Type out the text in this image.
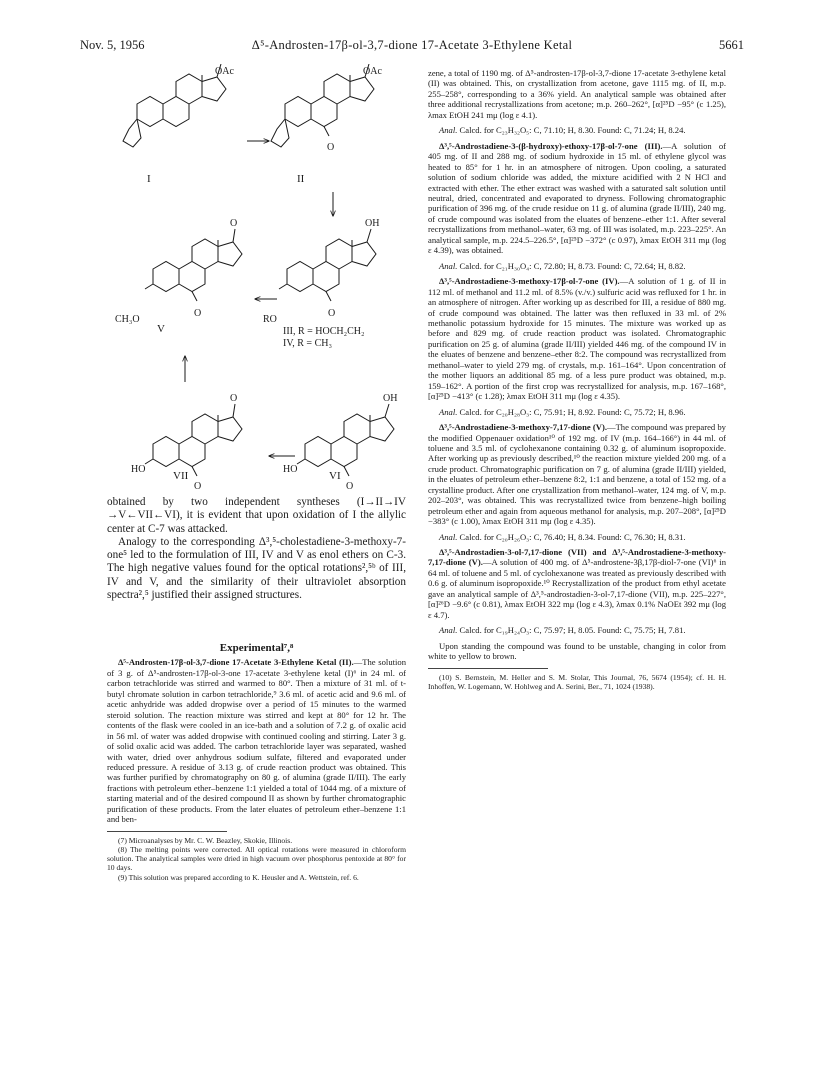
Nov. 5, 1956	Δ⁵-Androsten-17β-ol-3,7-dione 17-Acetate 3-Ethylene Ketal	5661
OAc	OAc
O
I	II
O	OH
CH₃O
O
RO
O
V	III, R = HOCH₂CH₂
IV, R = CH₃
O	OH
HO
O
HO
O
VII	VI

obtained by two independent syntheses (I→II→IV →V←VII←VI), it is evident that upon oxidation of I the allylic center at C-7 was attacked.

Analogy to the corresponding Δ³,⁵-cholestadiene-3-methoxy-7-one⁵ led to the formulation of III, IV and V as enol ethers on C-3. The high negative values found for the optical rotations²,⁵ᵇ of III, IV and V, and the similarity of their ultraviolet absorption spectra²,⁵ justified their assigned structures.

Experimental⁷,⁸

Δ⁵-Androsten-17β-ol-3,7-dione 17-Acetate 3-Ethylene Ketal (II).—The solution of 3 g. of Δ⁵-androsten-17β-ol-3-one 17-acetate 3-ethylene ketal (I)⁶ in 24 ml. of carbon tetrachloride was stirred and warmed to 80°. Then a mixture of 31 ml. of t-butyl chromate solution in carbon tetrachloride,⁹ 3.6 ml. of acetic acid and 9.6 ml. of acetic anhydride was added dropwise over a period of 15 minutes to the warmed steroid solution. The reaction mixture was stirred and kept at 80° for 12 hr. The contents of the flask were cooled in an ice-bath and a solution of 7.2 g. of oxalic acid in 56 ml. of water was added dropwise with continued cooling and stirring. Later 3 g. of solid oxalic acid was added. The carbon tetrachloride layer was separated, washed with water, dried over anhydrous sodium sulfate, filtered and evaporated under reduced pressure. A residue of 3.13 g. of crude reaction product was obtained. This was further purified by chromatography on 80 g. of alumina (grade II/III). The early fractions with petroleum ether–benzene 1:1 yielded a total of 1044 mg. of a mixture of starting material and of the desired compound II as shown by further chromatographic purification of these products. From the later eluates of petroleum ether–benzene 1:1 and ben-

(7) Microanalyses by Mr. C. W. Beazley, Skokie, Illinois.

(8) The melting points were corrected. All optical rotations were measured in chloroform solution. The analytical samples were dried in high vacuum over phosphorus pentoxide at 80° for 10 days.

(9) This solution was prepared according to K. Heusler and A. Wettstein, ref. 6.

zene, a total of 1190 mg. of Δ⁵-androsten-17β-ol-3,7-dione 17-acetate 3-ethylene ketal (II) was obtained. This, on crystallization from acetone, gave 1115 mg. of II, m.p. 255–258°, corresponding to a 36% yield. An analytical sample was obtained after three additional recrystallizations from acetone; m.p. 260–262°, [α]²⁵D −95° (c 1.25), λmax EtOH 241 mμ (log ε 4.1).

Anal. Calcd. for C₂₃H₃₂O₅: C, 71.10; H, 8.30. Found: C, 71.24; H, 8.24.

Δ³,⁵-Androstadiene-3-(β-hydroxy)-ethoxy-17β-ol-7-one (III).—A solution of 405 mg. of II and 288 mg. of sodium hydroxide in 15 ml. of ethylene glycol was heated to 85° for 1 hr. in an atmosphere of nitrogen. Upon cooling, a saturated solution of sodium chloride was added, the mixture acidified with 2 N HCl and extracted with ether. The ether extract was washed with a saturated salt solution until neutral, dried, concentrated and evaporated to dryness. Following chromatographic purification of 396 mg. of the crude residue on 11 g. of alumina (grade II/III), 240 mg. of crude compound was isolated from the eluates of benzene–ether 1:1. After several recrystallizations from methanol–water, 63 mg. of III was isolated, m.p. 223–225°. An analytical sample, m.p. 224.5–226.5°, [α]²⁵D −372° (c 0.97), λmax EtOH 311 mμ (log ε 4.39), was obtained.

Anal. Calcd. for C₂₁H₃₀O₄: C, 72.80; H, 8.73. Found: C, 72.64; H, 8.82.

Δ³,⁵-Androstadiene-3-methoxy-17β-ol-7-one (IV).—A solution of 1 g. of II in 112 ml. of methanol and 11.2 ml. of 8.5% (v./v.) sulfuric acid was refluxed for 1 hr. in an atmosphere of nitrogen. After working up as described for III, a residue of 880 mg. of crude compound was obtained. The latter was then refluxed in 33 ml. of 2% methanolic potassium hydroxide for 15 minutes. The mixture was worked up as before and 829 mg. of crude reaction product was isolated. Chromatographic purification on 25 g. of alumina (grade II/III) yielded 446 mg. of the compound IV in the eluates of benzene and benzene–ether 8:2. The compound was recrystallized from methanol–water to yield 279 mg. of crystals, m.p. 161–164°. Upon concentration of the mother liquors an additional 85 mg. of a less pure product was obtained, m.p. 159–162°. A portion of the first crop was recrystallized for analysis, m.p. 167–168°, [α]²⁵D −413° (c 1.28); λmax EtOH 311 mμ (log ε 4.35).

Anal. Calcd. for C₂₀H₂₈O₃: C, 75.91; H, 8.92. Found: C, 75.72; H, 8.96.

Δ³,⁵-Androstadiene-3-methoxy-7,17-dione (V).—The compound was prepared by the modified Oppenauer oxidation¹⁰ of 192 mg. of IV (m.p. 164–166°) in 44 ml. of toluene and 3.5 ml. of cyclohexanone containing 0.32 g. of aluminum isopropoxide. After working up as previously described,¹⁰ the reaction mixture yielded 200 mg. of a crude product. Chromatographic purification on 7 g. of alumina (grade II/III) yielded, in the eluates of petroleum ether–benzene 8:2, 1:1 and benzene, a total of 152 mg. of a crystalline product. After one crystallization from methanol–water, 124 mg. of V, m.p. 202–203°, was obtained. This was recrystallized twice from benzene–high boiling petroleum ether and again from aqueous methanol for analysis, m.p. 207–208°, [α]²⁵D −383° (c 1.00), λmax EtOH 311 mμ (log ε 4.35).

Anal. Calcd. for C₂₀H₂₆O₃: C, 76.40; H, 8.34. Found: C, 76.30; H, 8.31.

Δ³,⁵-Androstadien-3-ol-7,17-dione (VII) and Δ³,⁵-Androstadiene-3-methoxy-7,17-dione (V).—A solution of 400 mg. of Δ⁵-androstene-3β,17β-diol-7-one (VI)⁶ in 64 ml. of toluene and 5 ml. of cyclohexanone was treated as previously described with 0.6 g. of aluminum isopropoxide.¹⁰ Recrystallization of the product from ethyl acetate gave an analytical sample of Δ³,⁵-androstadien-3-ol-7,17-dione (VII), m.p. 225–227°, [α]²⁶D −9.6° (c 0.81), λmax EtOH 322 mμ (log ε 4.3), λmax 0.1% NaOEt 392 mμ (log ε 4.7).

Anal. Calcd. for C₁₉H₂₄O₃: C, 75.97; H, 8.05. Found: C, 75.75; H, 7.81.

Upon standing the compound was found to be unstable, changing in color from white to yellow to brown.

(10) S. Bernstein, M. Heller and S. M. Stolar, This Journal, 76, 5674 (1954); cf. H. H. Inhoffen, W. Logemann, W. Hohlweg and A. Serini, Ber., 71, 1024 (1938).
